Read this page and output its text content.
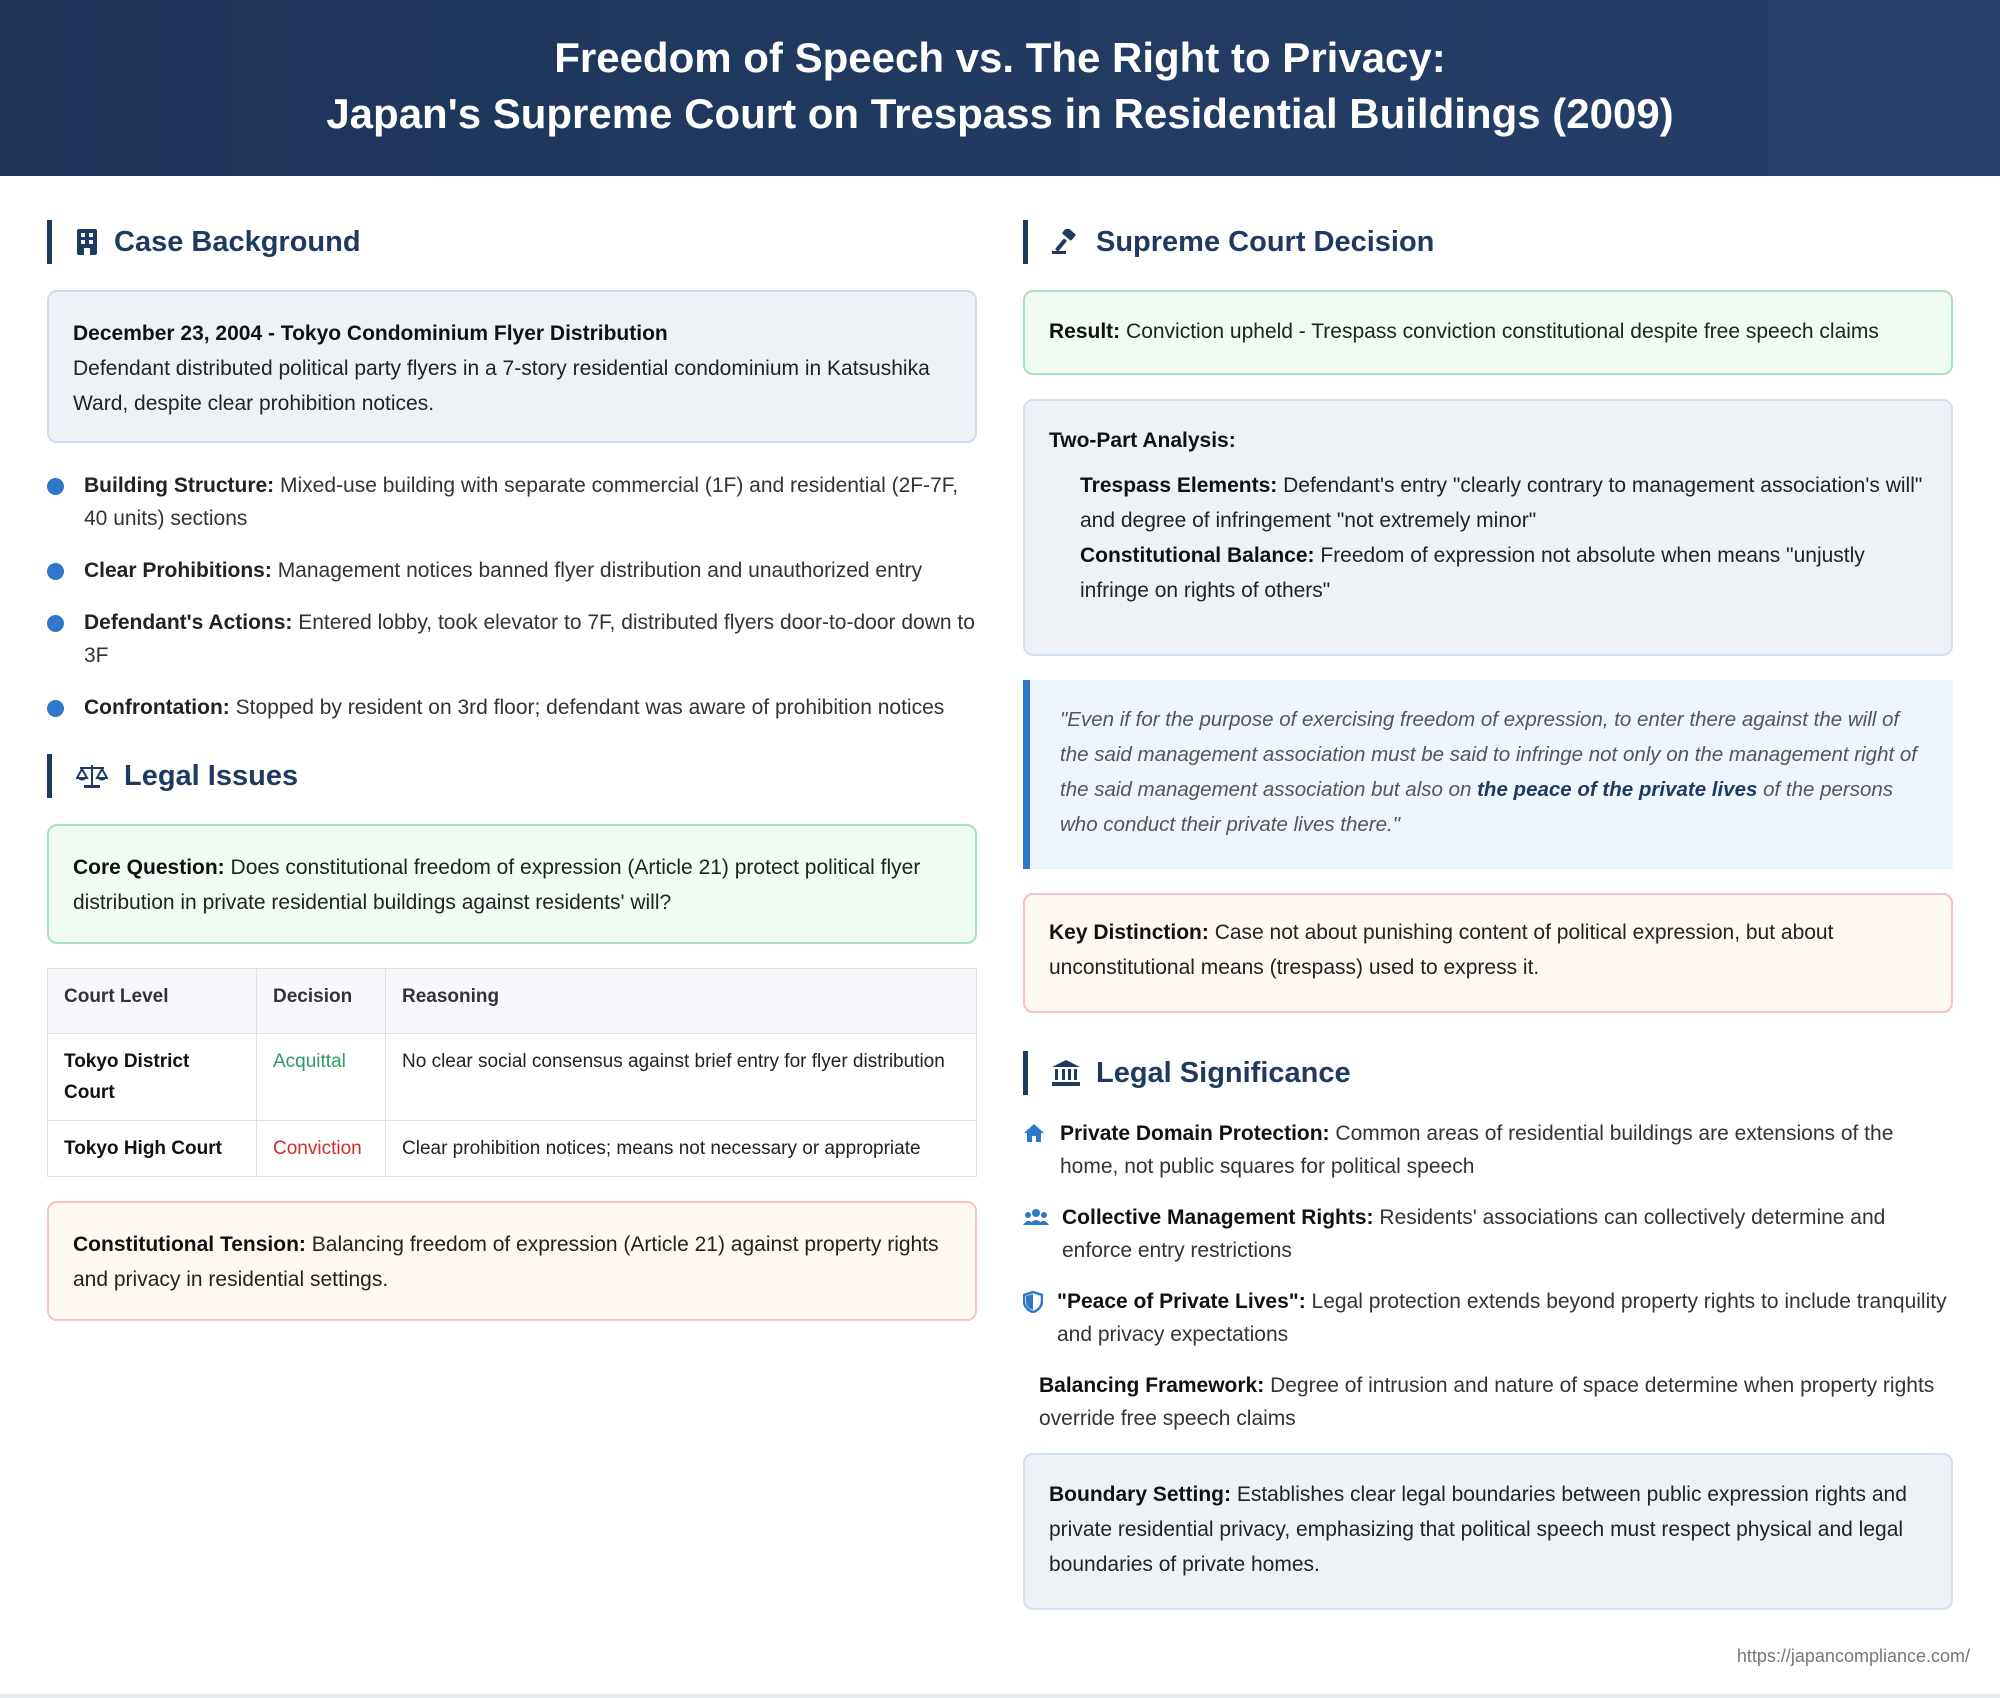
Freedom of Speech vs. The Right to Privacy:
Japan's Supreme Court on Trespass in Residential Buildings (2009)
Case Background
December 23, 2004 - Tokyo Condominium Flyer Distribution
Defendant distributed political party flyers in a 7-story residential condominium in Katsushika Ward, despite clear prohibition notices.
Building Structure: Mixed-use building with separate commercial (1F) and residential (2F-7F, 40 units) sections
Clear Prohibitions: Management notices banned flyer distribution and unauthorized entry
Defendant's Actions: Entered lobby, took elevator to 7F, distributed flyers door-to-door down to 3F
Confrontation: Stopped by resident on 3rd floor; defendant was aware of prohibition notices
Legal Issues
Core Question: Does constitutional freedom of expression (Article 21) protect political flyer distribution in private residential buildings against residents' will?
Court Level	Decision	Reasoning
Tokyo District Court	Acquittal	No clear social consensus against brief entry for flyer distribution
Tokyo High Court	Conviction	Clear prohibition notices; means not necessary or appropriate
Constitutional Tension: Balancing freedom of expression (Article 21) against property rights and privacy in residential settings.
Supreme Court Decision
Result: Conviction upheld - Trespass conviction constitutional despite free speech claims
Two-Part Analysis:
Trespass Elements: Defendant's entry "clearly contrary to management association's will" and degree of infringement "not extremely minor"
Constitutional Balance: Freedom of expression not absolute when means "unjustly infringe on rights of others"
"Even if for the purpose of exercising freedom of expression, to enter there against the will of the said management association must be said to infringe not only on the management right of the said management association but also on the peace of the private lives of the persons who conduct their private lives there."
Key Distinction: Case not about punishing content of political expression, but about unconstitutional means (trespass) used to express it.
Legal Significance
Private Domain Protection: Common areas of residential buildings are extensions of the home, not public squares for political speech
Collective Management Rights: Residents' associations can collectively determine and enforce entry restrictions
"Peace of Private Lives": Legal protection extends beyond property rights to include tranquility and privacy expectations
Balancing Framework: Degree of intrusion and nature of space determine when property rights override free speech claims
Boundary Setting: Establishes clear legal boundaries between public expression rights and private residential privacy, emphasizing that political speech must respect physical and legal boundaries of private homes.
https://japancompliance.com/
